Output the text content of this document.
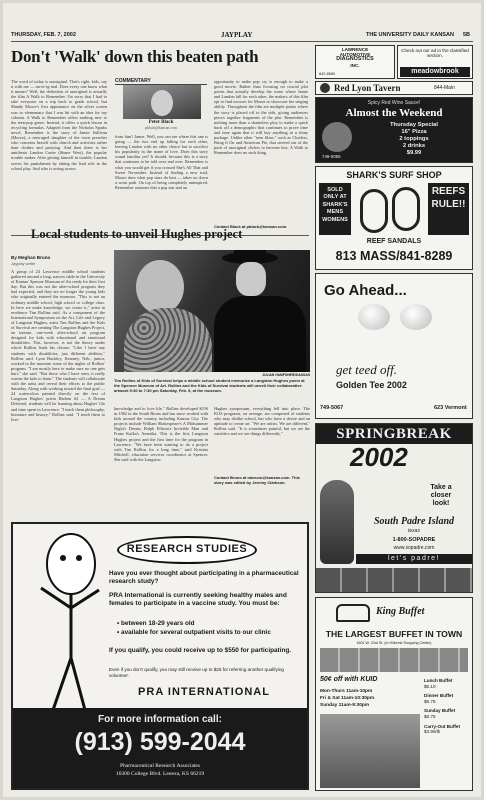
THURSDAY, FEB. 7, 2002	JAYPLAY	THE UNIVERSITY DAILY KANSAN 5B
Don't 'Walk' down this beaten path
The word of today is unoriginal. That's right, kids, say it with me — un-or-ig-inal. Does every one know what it means? Well, the definition of unoriginal is actually the film A Walk to Remember. I'm sorry that I had to take everyone on a trip back to grade school, but Mandy Moore's first appearance on the silver screen was so elementary that I was hit with an idea for my column. A Walk to Remember offers nothing new to the teen-pop genre. Instead, it offers a quick lesson in recycling formulas. Adapted from the Nicholas Sparks novel, Remember is the story of Jamie Sullivan (Moore), a teen-aged daughter of the town preacher who concerns herself with church and activities rather than clothes and partying. And then there is her antithesis Landon Carter (Shane West), the popular trouble maker. After getting himself in trouble, Landon serves his punishment by taking the lead role in the school play. And who is acting across
COMMENTARY
Peter Black
pblack@kansan.com
from him? Jamie. Well, you can see where this one is going — the two end up falling for each other, leaving Landon with no other choice but to sacrifice his popularity in the name of love. Does this story sound familiar yet? It should, because this is a story that continues to be told over and over. Remember is what you would get if you crossed She's All That and Sweet November. Instead of finding a new trail, Moore does what pop stars do best — takes us down a worn path. On top of being completely uninspired, Remember assumes that a pop star and an
opportunity to make pop cry is enough to make a good movie. Rather than focusing on crucial plot points that actually develop the scene where Jamie and Landon fall for each other, the makers of this film opt to find excuses for Moore to showcase her singing ability. Throughout the film are multiple points where the story is placed off to the side, giving audiences pieces together fragments of the plot. Remember is nothing more than a shameless ploy to make a quick buck off a demographic that continues to prove time and time again that it will buy anything in a shiny package. Unlike other "teen films," such as Clueless, Bring It On and American Pie, that steered out of the pack of unoriginal cliches to become hits, A Walk to Remember does no such thing.
Contact Black at pblack@kansan.com.
Local students to unveil Hughes project
By Meghan Bruno
Jayplay writer
A group of 24 Lawrence middle school students gathered around a long, narrow table in the University of Kansas' Spencer Museum of Art ready for their first day. But this was not the after-school program they had expected, and they are no longer the young kids who originally entered the museum. "This is not an ordinary middle school, high school or college class. In here we make knowledge, we create it," artist in residence Tim Rollins said. As a component of the International Symposium on the Art, Life and Legacy of Langston Hughes, artist Tim Rollins and the Kids of Survival are creating The Langston Hughes Project, an intense, one-week after-school art program designed for kids with educational and emotional disabilities. This, however, is not the theory under which Rollins leads his classes. "Like I have any students with disabilities, just different abilities," Rollins said. Lynn Buckley, Kearney, Neb., junior, worked in the museum some of the nights of Rollins' program. "I am mostly here to make sure no one gets hurt," she said. "But those who I have seen, it really warms the kids to learn." The students will collaborate with the artist and reveal their efforts to the public Saturday. Along with working toward the final goal — 24 watercolors painted directly on the text of Langston Hughes' poem Harlem #2 — A Dream Deferred, students will be learning about Hughes' life and time spent in Lawrence. "I teach them philosophy, literature and history," Rollins said. "I teach them to love
JULIAN HAMPSHIRE/KANSAN
Tim Rollins of Kids of Survival helps a middle school student memorize a Langston Hughes poem at the Spencer Museum of Art. Rollins and the Kids of Survival students will unveil their collaborative artwork 5:30 to 7:30 pm Saturday, Feb. 9, at the museum.
knowledge and to love life." Rollins developed KOS in 1982 in the South Bronx and has since worked with kids around the country including Kansas City. The projects include William Shakespeare's A Midsummer Night's Dream, Ralph Ellison's Invisible Man and Franz Kafka's Amerika. This is the first Langston Hughes project and the first time for the program in Lawrence. "We have been wanting to do a project with Tim Rollins for a long time," said Kristina Mitchell, education services coordinator at Spencer. She said with the Langston
Hughes symposium, everything fell into place. The KOS programs, on average, are comprised of students who may dislike school, but who have a desire and an aptitude to create art. "We are artists. We are different," Rollins said. "It is sometimes painful, but we are the outsiders and we see things differently."
Contact Bruno at mbruno@kansan.com. This story was edited by Jeremy Clarkson.
RESEARCH STUDIES
Have you ever thought about participating in a pharmaceutical research study?
PRA International is currently seeking healthy males and females to participate in a vaccine study. You must be:
• between 18-29 years old
• available for several outpatient visits to our clinic
If you qualify, you could receive up to $550 for participating.
Even if you don't qualify, you may still receive up to $25 for referring another qualifying volunteer.
PRA INTERNATIONAL
For more information call:
(913) 599-2044
Pharmaceutical Research Associates
16300 College Blvd. Lenexa, KS 66219
LAWRENCE
AUTOMOTIVE
DIAGNOSTICS
INC.
842-8665
Check out our ad in the classified section.
meadowbrook
Red Lyon Tavern	844-Main
Spicy Red Wine Sauce!
Almost the Weekend
749-0055
Thursday Special
16" Pizza
2 toppings
2 drinks
$9.99
SHARK'S SURF SHOP
SOLD ONLY AT SHARK'S MENS WOMENS
REEFS RULE!!
REEF SANDALS
813 MASS/841-8289
Go Ahead...
get teed off.
Golden Tee 2002
749-5067	623 Vermont
SPRINGBREAK
2002
Take a
closer
look!
South Padre Island
texas
1-800-SOPADRE
www.sopadre.com
let's padre!
King Buffet
THE LARGEST BUFFET IN TOWN
1601 W. 23rd St. (In Hillcrest Shopping Center)
50¢ off with KUID
Mon-Thurs 11am-10pm
Fri & Sat 11am-10:30pm
Sunday 11am-9:30pm
Lunch Buffet
$5.10
Dinner Buffet
$6.75
Sunday Buffet
$6.75
Carry-Out Buffet
$3.99/lb
